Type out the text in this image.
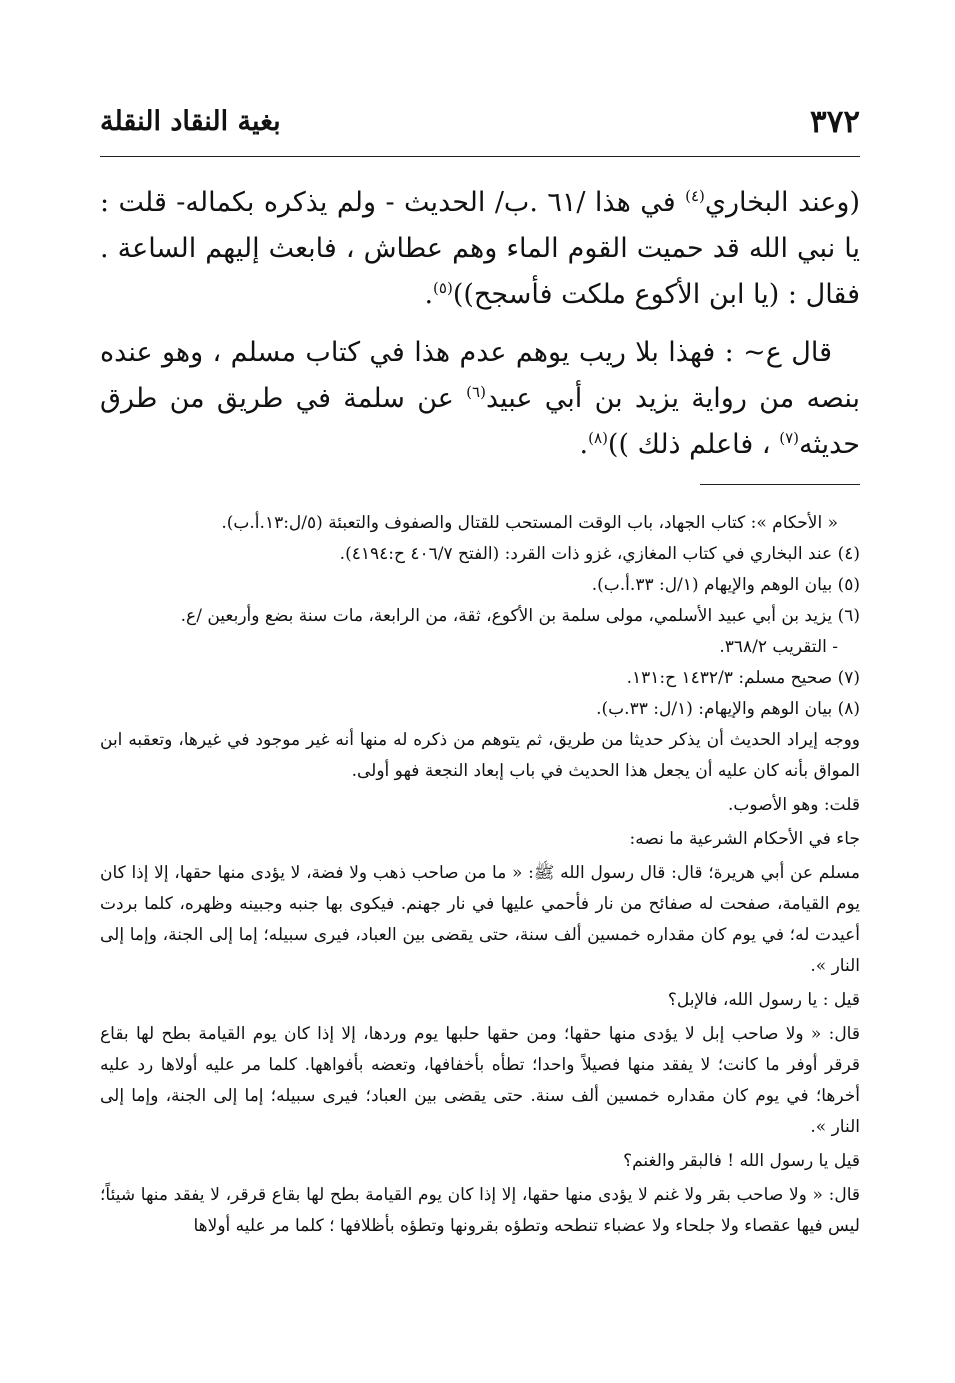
٣٧٢
بغية النقاد النقلة

(وعند البخاري$^{(٤)}$ في هذا /٦١ .ب/ الحديث - ولم يذكره بكماله- قلت : يا نبي الله قد حميت القوم الماء وهم عطاش ، فابعث إليهم الساعة . فقال : (يا ابن الأكوع ملكت فأسجح))$^{(٥)}$.

قال ع~ : فهذا بلا ريب يوهم عدم هذا في كتاب مسلم ، وهو عنده بنصه من رواية يزيد بن أبي عبيد$^{(٦)}$ عن سلمة في طريق من طرق حديثه$^{(٧)}$ ، فاعلم ذلك ))$^{(٨)}$.

« الأحكام »: كتاب الجهاد، باب الوقت المستحب للقتال والصفوف والتعبئة (٥/ل:١٣.أ.ب).

(٤) عند البخاري في كتاب المغازي، غزو ذات القرد: (الفتح ٤٠٦/٧ ح:٤١٩٤).

(٥) بيان الوهم والإيهام (١/ل: ٣٣.أ.ب).

(٦) يزيد بن أبي عبيد الأسلمي، مولى سلمة بن الأكوع، ثقة، من الرابعة، مات سنة بضع وأربعين /ع.

- التقريب ٣٦٨/٢.

(٧) صحيح مسلم: ١٤٣٢/٣ ح:١٣١.

(٨) بيان الوهم والإيهام: (١/ل: ٣٣.ب).

ووجه إيراد الحديث أن يذكر حديثا من طريق، ثم يتوهم من ذكره له منها أنه غير موجود في غيرها، وتعقبه ابن المواق بأنه كان عليه أن يجعل هذا الحديث في باب إبعاد النجعة فهو أولى.

قلت: وهو الأصوب.

جاء في الأحكام الشرعية ما نصه:

مسلم عن أبي هريرة؛ قال: قال رسول الله ﷺ: « ما من صاحب ذهب ولا فضة، لا يؤدى منها حقها، إلا إذا كان يوم القيامة، صفحت له صفائح من نار فأحمي عليها في نار جهنم. فيكوى بها جنبه وجبينه وظهره، كلما بردت أعيدت له؛ في يوم كان مقداره خمسين ألف سنة، حتى يقضى بين العباد، فيرى سبيله؛ إما إلى الجنة، وإما إلى النار ».

قيل : يا رسول الله، فالإبل؟

قال: « ولا صاحب إبل لا يؤدى منها حقها؛ ومن حقها حلبها يوم وردها، إلا إذا كان يوم القيامة بطح لها بقاع قرقر أوفر ما كانت؛ لا يفقد منها فصيلاً واحدا؛ تطأه بأخفافها، وتعضه بأفواهها. كلما مر عليه أولاها رد عليه أخرها؛ في يوم كان مقداره خمسين ألف سنة. حتى يقضى بين العباد؛ فيرى سبيله؛ إما إلى الجنة، وإما إلى النار ».

قيل يا رسول الله ! فالبقر والغنم؟

قال: « ولا صاحب بقر ولا غنم لا يؤدى منها حقها، إلا إذا كان يوم القيامة بطح لها بقاع قرقر، لا يفقد منها شيئاً؛ ليس فيها عقصاء ولا جلحاء ولا عضباء تنطحه وتطؤه بقرونها وتطؤه بأظلافها ؛ كلما مر عليه أولاها
